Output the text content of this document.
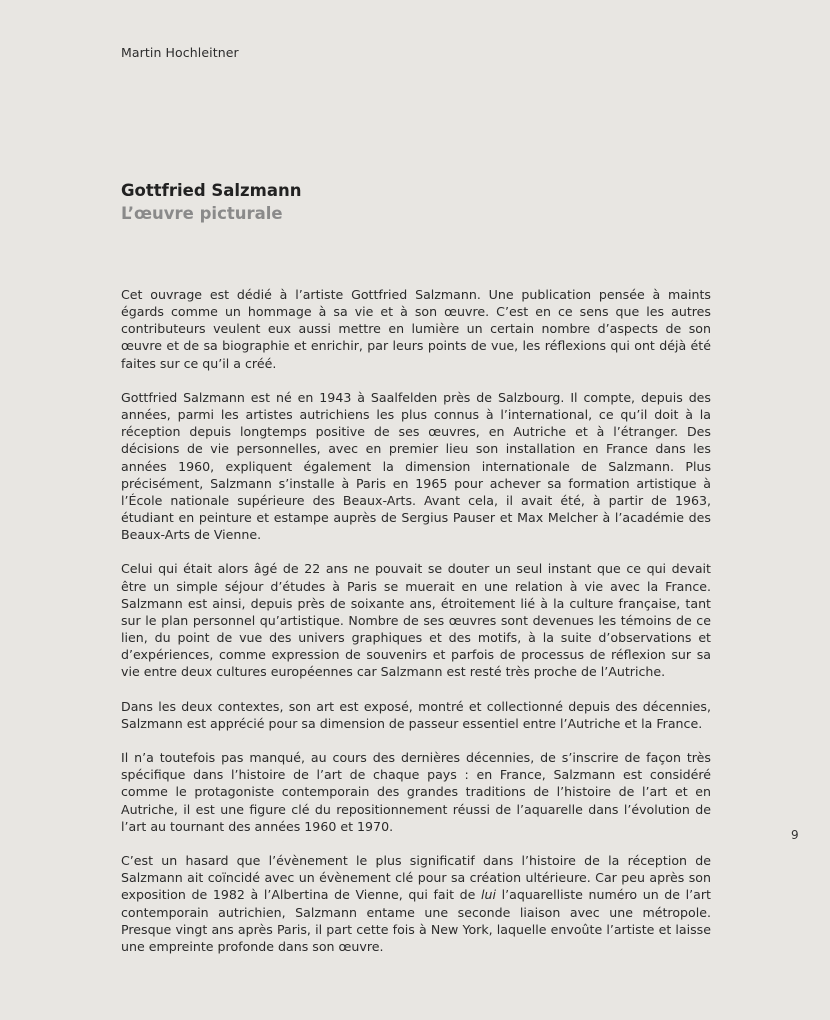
Martin Hochleitner
Gottfried Salzmann
L’œuvre picturale

Cet ouvrage est dédié à l’artiste Gottfried Salzmann. Une publication pensée à maints égards comme un hommage à sa vie et à son œuvre. C’est en ce sens que les autres contributeurs veulent eux aussi mettre en lumière un certain nombre d’aspects de son œuvre et de sa biographie et enrichir, par leurs points de vue, les réflexions qui ont déjà été faites sur ce qu’il a créé.

Gottfried Salzmann est né en 1943 à Saalfelden près de Salzbourg. Il compte, depuis des années, parmi les artistes autrichiens les plus connus à l’international, ce qu’il doit à la réception depuis longtemps positive de ses œuvres, en Autriche et à l’étranger. Des décisions de vie personnelles, avec en premier lieu son installation en France dans les années 1960, expliquent également la dimension internationale de Salzmann. Plus précisément, Salzmann s’installe à Paris en 1965 pour achever sa formation artistique à l’École nationale supérieure des Beaux-Arts. Avant cela, il avait été, à partir de 1963, étudiant en peinture et estampe auprès de Sergius Pauser et Max Melcher à l’académie des Beaux-Arts de Vienne.

Celui qui était alors âgé de 22 ans ne pouvait se douter un seul instant que ce qui devait être un simple séjour d’études à Paris se muerait en une relation à vie avec la France. Salzmann est ainsi, depuis près de soixante ans, étroitement lié à la culture française, tant sur le plan personnel qu’artistique. Nombre de ses œuvres sont devenues les témoins de ce lien, du point de vue des univers graphiques et des motifs, à la suite d’observations et d’expériences, comme expression de souvenirs et parfois de processus de réflexion sur sa vie entre deux cultures européennes car Salzmann est resté très proche de l’Autriche.

Dans les deux contextes, son art est exposé, montré et collectionné depuis des décennies, Salzmann est apprécié pour sa dimension de passeur essentiel entre l’Autriche et la France.

Il n’a toutefois pas manqué, au cours des dernières décennies, de s’inscrire de façon très spécifique dans l’histoire de l’art de chaque pays : en France, Salzmann est considéré comme le protagoniste contemporain des grandes traditions de l’histoire de l’art et en Autriche, il est une figure clé du repositionnement réussi de l’aquarelle dans l’évolution de l’art au tournant des années 1960 et 1970.

C’est un hasard que l’évènement le plus significatif dans l’histoire de la réception de Salzmann ait coïncidé avec un évènement clé pour sa création ultérieure. Car peu après son exposition de 1982 à l’Albertina de Vienne, qui fait de lui l’aquarelliste numéro un de l’art contemporain autrichien, Salzmann entame une seconde liaison avec une métropole. Presque vingt ans après Paris, il part cette fois à New York, laquelle envoûte l’artiste et laisse une empreinte profonde dans son œuvre.

9
